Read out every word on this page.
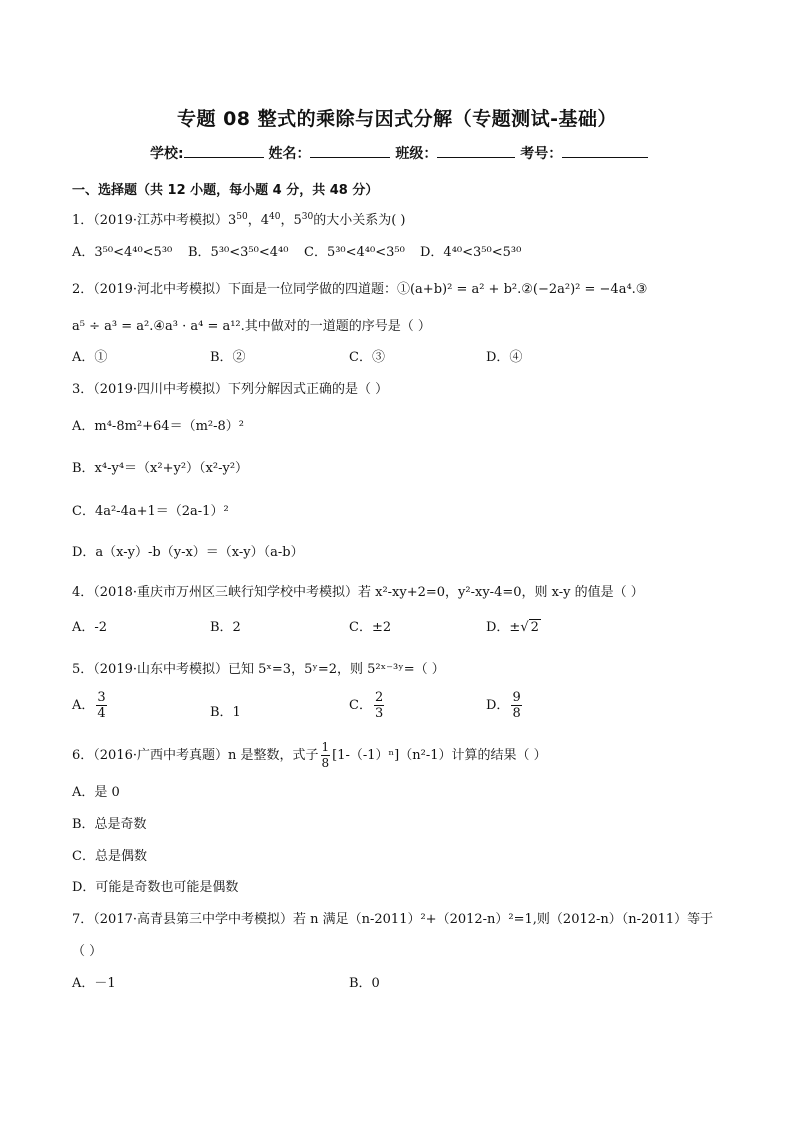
专题 08 整式的乘除与因式分解（专题测试-基础）
学校:	姓名：	班级：	考号：
一、选择题（共 12 小题，每小题 4 分，共 48 分）
1．（2019·江苏中考模拟）$3^{50}$，$4^{40}$，$5^{30}$的大小关系为( )
A．3⁵⁰<4⁴⁰<5³⁰ B．5³⁰<3⁵⁰<4⁴⁰ C．5³⁰<4⁴⁰<3⁵⁰ D．4⁴⁰<3⁵⁰<5³⁰
2．（2019·河北中考模拟）下面是一位同学做的四道题：①(a+b)² = a² + b².②(−2a²)² = −4a⁴.③
a⁵ ÷ a³ = a².④a³ · a⁴ = a¹².其中做对的一道题的序号是（ ）
A．①	B．②	C．③	D．④
3．（2019·四川中考模拟）下列分解因式正确的是（ ）
A．m⁴-8m²+64＝（m²-8）²
B．x⁴-y⁴＝（x²+y²）（x²-y²）
C．4a²-4a+1＝（2a-1）²
D．a（x-y）-b（y-x）＝（x-y）（a-b）
4．（2018·重庆市万州区三峡行知学校中考模拟）若 x²-xy+2=0，y²-xy-4=0，则 x-y 的值是（ ）
A．-2	B．2	C．±2	D．±√ 2
5．（2019·山东中考模拟）已知 5ˣ=3，5ʸ=2，则 5²ˣ⁻³ʸ=（ ）
A． $\frac{3}{4}$	B．1	C． $\frac{2}{3}$	D． $\frac{9}{8}$
6．（2016·广西中考真题）n 是整数，式子 $\frac{1}{8} [1-(-1)^n](n^2-1)$计算的结果（ ）
A．是 0
B．总是奇数
C．总是偶数
D．可能是奇数也可能是偶数
7．（2017·高青县第三中学中考模拟）若 n 满足（n-2011）²+（2012-n）²=1,则（2012-n）（n-2011）等于
（ ）
A．－1	B．0
